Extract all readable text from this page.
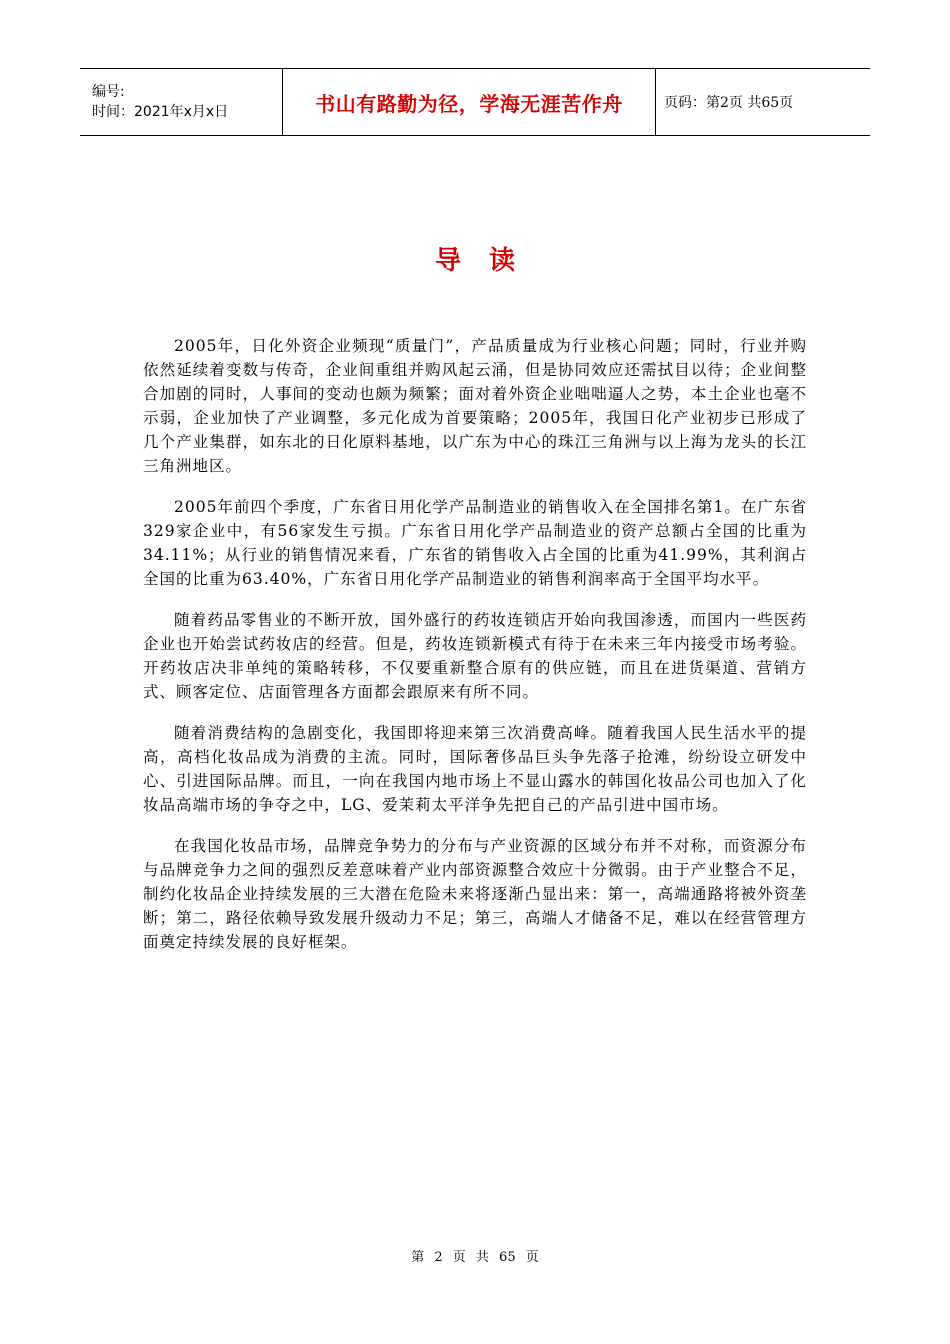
编号:
时间：2021年x月x日	书山有路勤为径，学海无涯苦作舟	页码：第2页 共65页
导读

2005年，日化外资企业频现“质量门”，产品质量成为行业核心问题；同时，行业并购依然延续着变数与传奇，企业间重组并购风起云涌，但是协同效应还需拭目以待；企业间整合加剧的同时，人事间的变动也颇为频繁；面对着外资企业咄咄逼人之势，本土企业也毫不示弱，企业加快了产业调整，多元化成为首要策略；2005年，我国日化产业初步已形成了几个产业集群，如东北的日化原料基地，以广东为中心的珠江三角洲与以上海为龙头的长江三角洲地区。

2005年前四个季度，广东省日用化学产品制造业的销售收入在全国排名第1。在广东省329家企业中，有56家发生亏损。广东省日用化学产品制造业的资产总额占全国的比重为34.11%；从行业的销售情况来看，广东省的销售收入占全国的比重为41.99%，其利润占全国的比重为63.40%，广东省日用化学产品制造业的销售利润率高于全国平均水平。

随着药品零售业的不断开放，国外盛行的药妆连锁店开始向我国渗透，而国内一些医药企业也开始尝试药妆店的经营。但是，药妆连锁新模式有待于在未来三年内接受市场考验。开药妆店决非单纯的策略转移，不仅要重新整合原有的供应链，而且在进货渠道、营销方式、顾客定位、店面管理各方面都会跟原来有所不同。

随着消费结构的急剧变化，我国即将迎来第三次消费高峰。随着我国人民生活水平的提高，高档化妆品成为消费的主流。同时，国际奢侈品巨头争先落子抢滩，纷纷设立研发中心、引进国际品牌。而且，一向在我国内地市场上不显山露水的韩国化妆品公司也加入了化妆品高端市场的争夺之中，LG、爱茉莉太平洋争先把自己的产品引进中国市场。

在我国化妆品市场，品牌竞争势力的分布与产业资源的区域分布并不对称，而资源分布与品牌竞争力之间的强烈反差意味着产业内部资源整合效应十分微弱。由于产业整合不足，制约化妆品企业持续发展的三大潜在危险未来将逐渐凸显出来：第一，高端通路将被外资垄断；第二，路径依赖导致发展升级动力不足；第三，高端人才储备不足，难以在经营管理方面奠定持续发展的良好框架。

第 2 页 共 65 页
